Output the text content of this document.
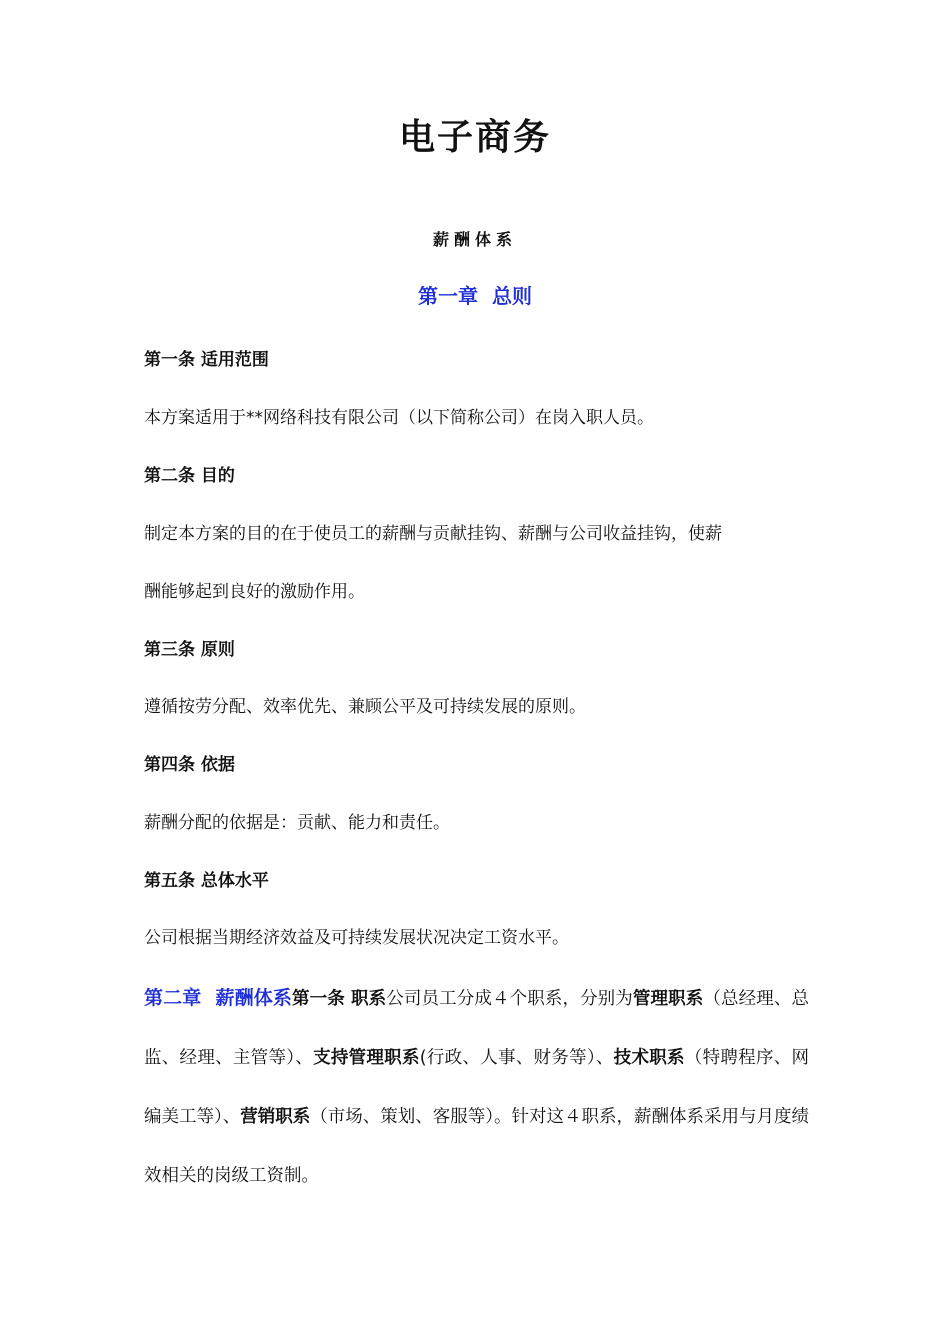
电子商务

薪酬体系

第一章 总则
第一条 适用范围
本方案适用于**网络科技有限公司（以下简称公司）在岗入职人员。
第二条 目的
制定本方案的目的在于使员工的薪酬与贡献挂钩、薪酬与公司收益挂钩，使薪
酬能够起到良好的激励作用。
第三条 原则
遵循按劳分配、效率优先、兼顾公平及可持续发展的原则。
第四条 依据
薪酬分配的依据是：贡献、能力和责任。
第五条 总体水平
公司根据当期经济效益及可持续发展状况决定工资水平。
第二章 薪酬体系第一条 职系公司员工分成４个职系，分别为管理职系（总经理、总监、经理、主管等）、支持管理职系(行政、人事、财务等）、技术职系（特聘程序、网编美工等）、营销职系（市场、策划、客服等）。针对这４职系，薪酬体系采用与月度绩效相关的岗级工资制。
